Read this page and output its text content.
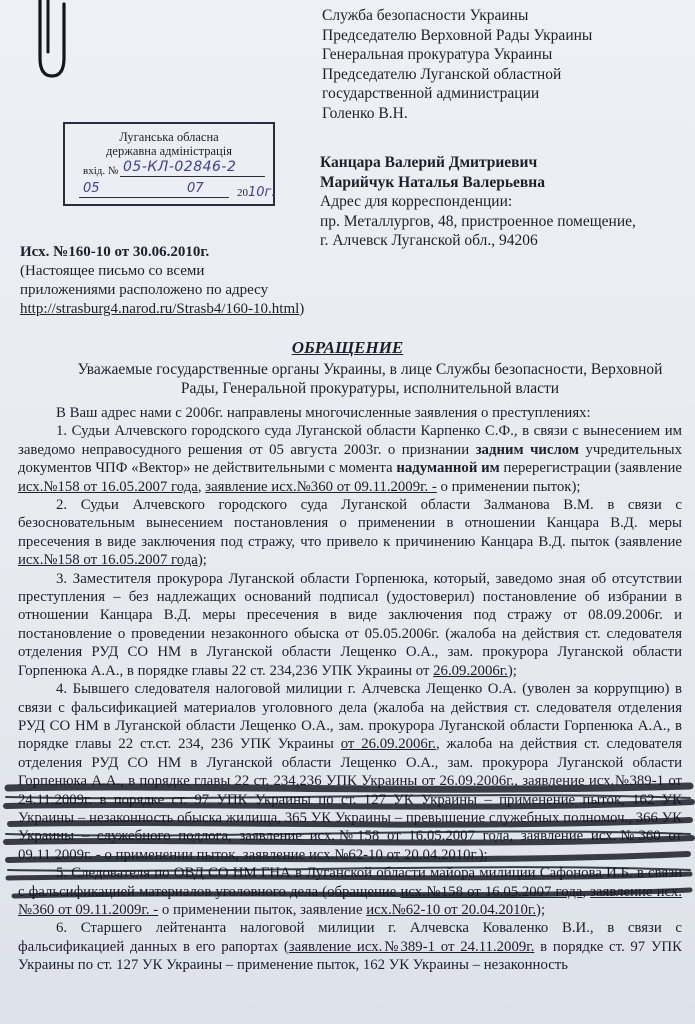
Служба безопасности Украины
Председателю Верховной Рады Украины
Генеральная прокуратура Украины
Председателю Луганской областной
государственной администрации
Голенко В.Н.
Луганська обласна
державна адміністрація
вхід. № 05-КЛ-02846-2
05	07	2010г.
Канцара Валерий Дмитриевич
Марийчук Наталья Валерьевна
Адрес для корреспонденции:
пр. Металлургов, 48, пристроенное помещение,
г. Алчевск Луганской обл., 94206
Исх. №160-10 от 30.06.2010г.
(Настоящее письмо со всеми
приложениями расположено по адресу
http://strasburg4.narod.ru/Strasb4/160-10.html)
ОБРАЩЕНИЕ
Уважаемые государственные органы Украины, в лице Службы безопасности, Верховной Рады, Генеральной прокуратуры, исполнительной власти

В Ваш адрес нами с 2006г. направлены многочисленные заявления о преступлениях:

1. Судьи Алчевского городского суда Луганской области Карпенко С.Ф., в связи с вынесением им заведомо неправосудного решения от 05 августа 2003г. о признании задним числом учредительных документов ЧПФ «Вектор» не действительными с момента надуманной им перерегистрации (заявление исх.№158 от 16.05.2007 года, заявление исх.№360 от 09.11.2009г. - о применении пыток);

2. Судьи Алчевского городского суда Луганской области Залманова В.М. в связи с безосновательным вынесением постановления о применении в отношении Канцара В.Д. меры пресечения в виде заключения под стражу, что привело к причинению Канцара В.Д. пыток (заявление исх.№158 от 16.05.2007 года);

3. Заместителя прокурора Луганской области Горпенюка, который, заведомо зная об отсутствии преступления – без надлежащих оснований подписал (удостоверил) постановление об избрании в отношении Канцара В.Д. меры пресечения в виде заключения под стражу от 08.09.2006г. и постановление о проведении незаконного обыска от 05.05.2006г. (жалоба на действия ст. следователя отделения РУД СО НМ в Луганской области Лещенко О.А., зам. прокурора Луганской области Горпенюка А.А., в порядке главы 22 ст. 234,236 УПК Украины от 26.09.2006г.);

4. Бывшего следователя налоговой милиции г. Алчевска Лещенко О.А. (уволен за коррупцию) в связи с фальсификацией материалов уголовного дела (жалоба на действия ст. следователя отделения РУД СО НМ в Луганской области Лещенко О.А., зам. прокурора Луганской области Горпенюка А.А., в порядке главы 22 ст.ст. 234, 236 УПК Украины от 26.09.2006г., жалоба на действия ст. следователя отделения РУД СО НМ в Луганской области Лещенко О.А., зам. прокурора Луганской области Горпенюка А.А., в порядке главы 22 ст. 234,236 УПК Украины от 26.09.2006г., заявление исх.№389-1 от 24.11.2009г. в порядке ст. 97 УПК Украины по ст. 127 УК Украины – применение пыток, 162 УК Украины – незаконность обыска жилища, 365 УК Украины – превышение служебных полномоч., 366 УК Украины – служебного подлога, заявление исх.№158 от 16.05.2007 года, заявление исх.№360 от 09.11.2009г. - о применении пыток, заявление исх.№62-10 от 20.04.2010г.);

5. Следователя по ОВД СО НМ ГНА в Луганской области майора милиции Сафонова И.Б. в связи с фальсификацией материалов уголовного дела (обращение исх.№158 от 16.05.2007 года, заявление исх.№360 от 09.11.2009г. - о применении пыток, заявление исх.№62-10 от 20.04.2010г.);

6. Старшего лейтенанта налоговой милиции г. Алчевска Коваленко В.И., в связи с фальсификацией данных в его рапортах (заявление исх.№389-1 от 24.11.2009г. в порядке ст. 97 УПК Украины по ст. 127 УК Украины – применение пыток, 162 УК Украины – незаконность
